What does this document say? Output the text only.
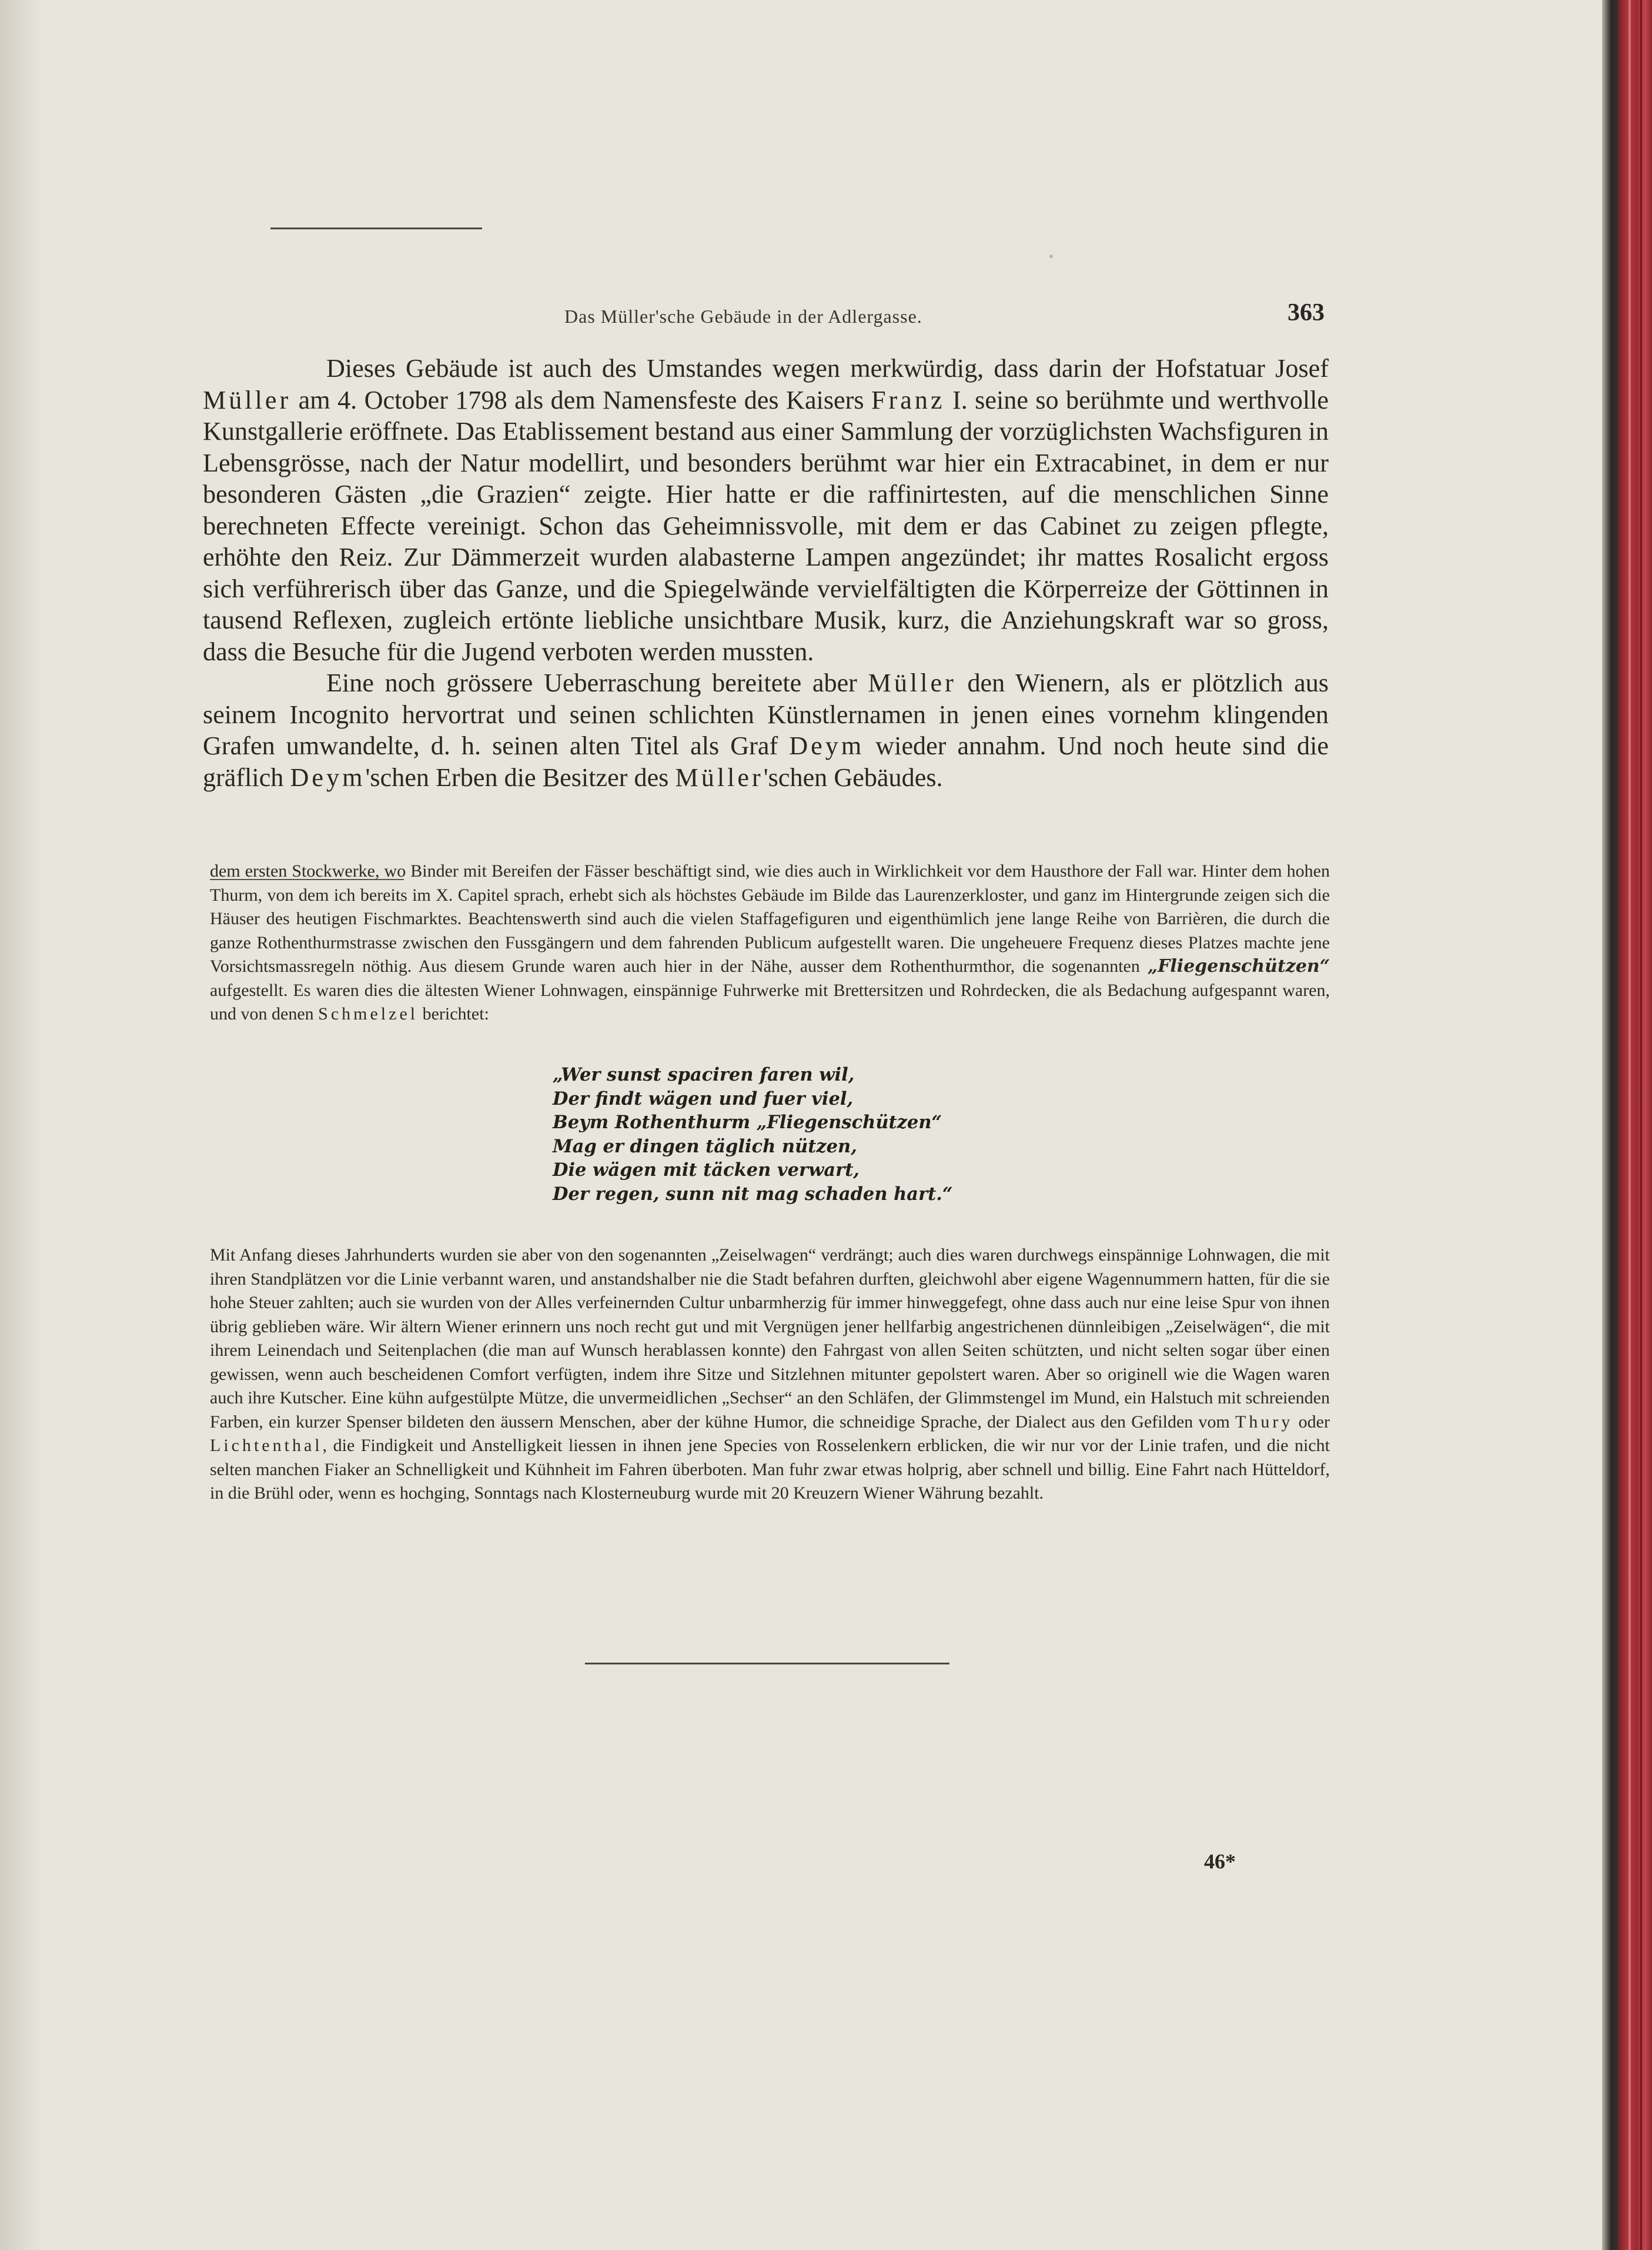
Das Müller'sche Gebäude in der Adlergasse.	363

Dieses Gebäude ist auch des Umstandes wegen merkwürdig, dass darin der Hofstatuar Josef Müller am 4. October 1798 als dem Namensfeste des Kaisers Franz I. seine so berühmte und werthvolle Kunstgallerie eröffnete. Das Etablissement bestand aus einer Sammlung der vorzüglichsten Wachsfiguren in Lebensgrösse, nach der Natur modellirt, und besonders berühmt war hier ein Extracabinet, in dem er nur besonderen Gästen „die Grazien“ zeigte. Hier hatte er die raffinirtesten, auf die menschlichen Sinne berechneten Effecte vereinigt. Schon das Geheimnissvolle, mit dem er das Cabinet zu zeigen pflegte, erhöhte den Reiz. Zur Dämmerzeit wurden alabasterne Lampen angezündet; ihr mattes Rosalicht ergoss sich verführerisch über das Ganze, und die Spiegelwände vervielfältigten die Körperreize der Göttinnen in tausend Reflexen, zugleich ertönte liebliche unsichtbare Musik, kurz, die Anziehungskraft war so gross, dass die Besuche für die Jugend verboten werden mussten.

Eine noch grössere Ueberraschung bereitete aber Müller den Wienern, als er plötzlich aus seinem Incognito hervortrat und seinen schlichten Künstlernamen in jenen eines vornehm klingenden Grafen umwandelte, d. h. seinen alten Titel als Graf Deym wieder annahm. Und noch heute sind die gräflich Deym'schen Erben die Besitzer des Müller'schen Gebäudes.

dem ersten Stockwerke, wo Binder mit Bereifen der Fässer beschäftigt sind, wie dies auch in Wirklichkeit vor dem Hausthore der Fall war. Hinter dem hohen Thurm, von dem ich bereits im X. Capitel sprach, erhebt sich als höchstes Gebäude im Bilde das Laurenzerkloster, und ganz im Hintergrunde zeigen sich die Häuser des heutigen Fischmarktes. Beachtenswerth sind auch die vielen Staffagefiguren und eigenthümlich jene lange Reihe von Barrièren, die durch die ganze Rothenthurmstrasse zwischen den Fussgängern und dem fahrenden Publicum aufgestellt waren. Die ungeheuere Frequenz dieses Platzes machte jene Vorsichtsmassregeln nöthig. Aus diesem Grunde waren auch hier in der Nähe, ausser dem Rothenthurmthor, die sogenannten „Fliegenschützen“ aufgestellt. Es waren dies die ältesten Wiener Lohnwagen, einspännige Fuhrwerke mit Brettersitzen und Rohrdecken, die als Bedachung aufgespannt waren, und von denen Schmelzel berichtet:
„Wer sunst spaciren faren wil,
Der findt wägen und fuer viel,
Beym Rothenthurm „Fliegenschützen“
Mag er dingen täglich nützen,
Die wägen mit täcken verwart,
Der regen, sunn nit mag schaden hart.“
Mit Anfang dieses Jahrhunderts wurden sie aber von den sogenannten „Zeiselwagen“ verdrängt; auch dies waren durchwegs einspännige Lohnwagen, die mit ihren Standplätzen vor die Linie verbannt waren, und anstandshalber nie die Stadt befahren durften, gleichwohl aber eigene Wagennummern hatten, für die sie hohe Steuer zahlten; auch sie wurden von der Alles verfeinernden Cultur unbarmherzig für immer hinweggefegt, ohne dass auch nur eine leise Spur von ihnen übrig geblieben wäre. Wir ältern Wiener erinnern uns noch recht gut und mit Vergnügen jener hellfarbig angestrichenen dünnleibigen „Zeiselwägen“, die mit ihrem Leinendach und Seitenplachen (die man auf Wunsch herablassen konnte) den Fahrgast von allen Seiten schützten, und nicht selten sogar über einen gewissen, wenn auch bescheidenen Comfort verfügten, indem ihre Sitze und Sitzlehnen mitunter gepolstert waren. Aber so originell wie die Wagen waren auch ihre Kutscher. Eine kühn aufgestülpte Mütze, die unvermeidlichen „Sechser“ an den Schläfen, der Glimmstengel im Mund, ein Halstuch mit schreienden Farben, ein kurzer Spenser bildeten den äussern Menschen, aber der kühne Humor, die schneidige Sprache, der Dialect aus den Gefilden vom Thury oder Lichtenthal, die Findigkeit und Anstelligkeit liessen in ihnen jene Species von Rosselenkern erblicken, die wir nur vor der Linie trafen, und die nicht selten manchen Fiaker an Schnelligkeit und Kühnheit im Fahren überboten. Man fuhr zwar etwas holprig, aber schnell und billig. Eine Fahrt nach Hütteldorf, in die Brühl oder, wenn es hochging, Sonntags nach Klosterneuburg wurde mit 20 Kreuzern Wiener Währung bezahlt.
46*
